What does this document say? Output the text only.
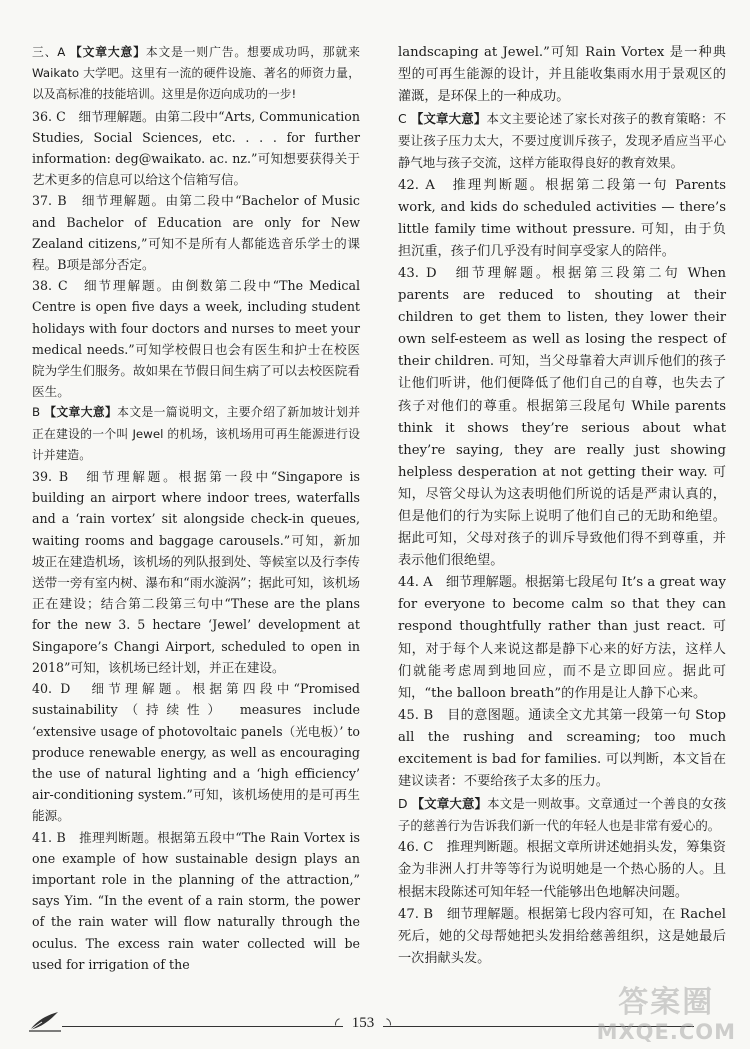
三、A 【文章大意】本文是一则广告。想要成功吗，那就来 Waikato 大学吧。这里有一流的硬件设施、著名的师资力量，以及高标准的技能培训。这里是你迈向成功的一步!

36. C　细节理解题。由第二段中“Arts, Communication Studies, Social Sciences, etc. . . . for further information: deg@waikato. ac. nz.”可知想要获得关于艺术更多的信息可以给这个信箱写信。

37. B　细节理解题。由第二段中“Bachelor of Music and Bachelor of Education are only for New Zealand citizens,”可知不是所有人都能选音乐学士的课程。B项是部分否定。

38. C　细节理解题。由倒数第二段中“The Medical Centre is open five days a week, including student holidays with four doctors and nurses to meet your medical needs.”可知学校假日也会有医生和护士在校医院为学生们服务。故如果在节假日间生病了可以去校医院看医生。

B 【文章大意】本文是一篇说明文，主要介绍了新加坡计划并正在建设的一个叫 Jewel 的机场，该机场用可再生能源进行设计并建造。

39. B　细节理解题。根据第一段中“Singapore is building an airport where indoor trees, waterfalls and a ‘rain vortex’ sit alongside check-in queues, waiting rooms and baggage carousels.”可知，新加坡正在建造机场，该机场的列队报到处、等候室以及行李传送带一旁有室内树、瀑布和“雨水漩涡”；据此可知，该机场正在建设；结合第二段第三句中“These are the plans for the new 3. 5 hectare ‘Jewel’ development at Singapore’s Changi Airport, scheduled to open in 2018”可知，该机场已经计划，并正在建设。

40. D　细节理解题。根据第四段中“Promised sustainability（持续性） measures include ‘extensive usage of photovoltaic panels（光电板）’ to produce renewable energy, as well as encouraging the use of natural lighting and a ‘high efficiency’ air-conditioning system.”可知，该机场使用的是可再生能源。

41. B　推理判断题。根据第五段中“The Rain Vortex is one example of how sustainable design plays an important role in the planning of the attraction,” says Yim. “In the event of a rain storm, the power of the rain water will flow naturally through the oculus. The excess rain water collected will be used for irrigation of the

landscaping at Jewel.”可知 Rain Vortex 是一种典型的可再生能源的设计，并且能收集雨水用于景观区的灌溉，是环保上的一种成功。

C 【文章大意】本文主要论述了家长对孩子的教育策略：不要让孩子压力太大，不要过度训斥孩子，发现矛盾应当平心静气地与孩子交流，这样方能取得良好的教育效果。

42. A　推理判断题。根据第二段第一句 Parents work, and kids do scheduled activities — there’s little family time without pressure. 可知，由于负担沉重，孩子们几乎没有时间享受家人的陪伴。

43. D　细节理解题。根据第三段第二句 When parents are reduced to shouting at their children to get them to listen, they lower their own self-esteem as well as losing the respect of their children. 可知，当父母靠着大声训斥他们的孩子让他们听讲，他们便降低了他们自己的自尊，也失去了孩子对他们的尊重。根据第三段尾句 While parents think it shows they’re serious about what they’re saying, they are really just showing helpless desperation at not getting their way. 可知，尽管父母认为这表明他们所说的话是严肃认真的，但是他们的行为实际上说明了他们自己的无助和绝望。据此可知，父母对孩子的训斥导致他们得不到尊重，并表示他们很绝望。

44. A　细节理解题。根据第七段尾句 It’s a great way for everyone to become calm so that they can respond thoughtfully rather than just react. 可知，对于每个人来说这都是静下心来的好方法，这样人们就能考虑周到地回应，而不是立即回应。据此可知，“the balloon breath”的作用是让人静下心来。

45. B　目的意图题。通读全文尤其第一段第一句 Stop all the rushing and screaming; too much excitement is bad for families. 可以判断，本文旨在建议读者：不要给孩子太多的压力。

D 【文章大意】本文是一则故事。文章通过一个善良的女孩子的慈善行为告诉我们新一代的年轻人也是非常有爱心的。

46. C　推理判断题。根据文章所讲述她捐头发，筹集资金为非洲人打井等等行为说明她是一个热心肠的人。且根据末段陈述可知年轻一代能够出色地解决问题。

47. B　细节理解题。根据第七段内容可知，在 Rachel 死后，她的父母帮她把头发捐给慈善组织，这是她最后一次捐献头发。

153
答案圈
MXQE.COM
